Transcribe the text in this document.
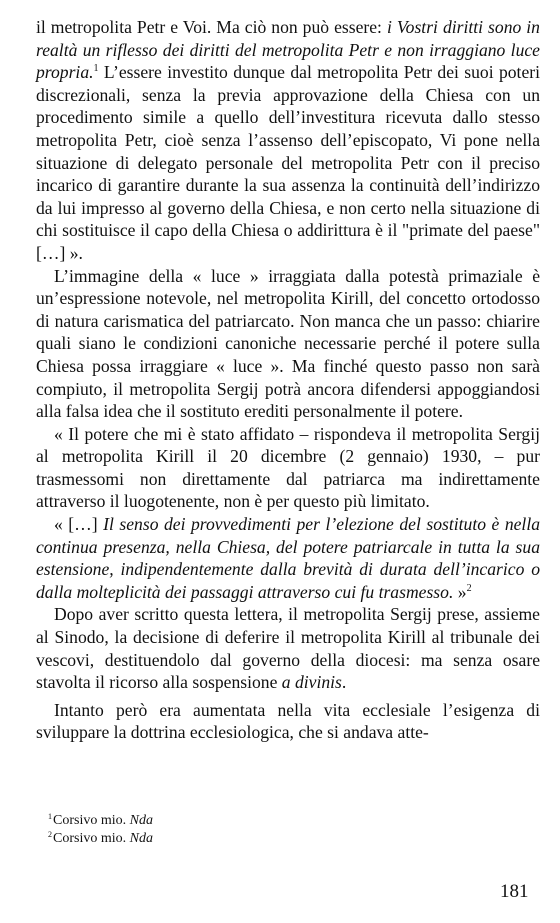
il metropolita Petr e Voi. Ma ciò non può essere: i Vostri diritti sono in realtà un riflesso dei diritti del metropolita Petr e non irraggiano luce propria.$^1$ L’essere investito dunque dal metropolita Petr dei suoi poteri discrezionali, senza la previa approvazione della Chiesa con un procedimento simile a quello dell’investitura ricevuta dallo stesso metropolita Petr, cioè senza l’assenso dell’episcopato, Vi pone nella situazione di delegato personale del metropolita Petr con il preciso incarico di garantire durante la sua assenza la continuità dell’indirizzo da lui impresso al governo della Chiesa, e non certo nella situazione di chi sostituisce il capo della Chiesa o addirittura è il "primate del paese" […] ».

L’immagine della « luce » irraggiata dalla potestà primaziale è un’espressione notevole, nel metropolita Kirill, del concetto ortodosso di natura carismatica del patriarcato. Non manca che un passo: chiarire quali siano le condizioni canoniche necessarie perché il potere sulla Chiesa possa irraggiare « luce ». Ma finché questo passo non sarà compiuto, il metropolita Sergij potrà ancora difendersi appoggiandosi alla falsa idea che il sostituto erediti personalmente il potere.

« Il potere che mi è stato affidato – rispondeva il metropolita Sergij al metropolita Kirill il 20 dicembre (2 gennaio) 1930, – pur trasmessomi non direttamente dal patriarca ma indirettamente attraverso il luogotenente, non è per questo più limitato.

« […] Il senso dei provvedimenti per l’elezione del sostituto è nella continua presenza, nella Chiesa, del potere patriarcale in tutta la sua estensione, indipendentemente dalla brevità di durata dell’incarico o dalla molteplicità dei passaggi attraverso cui fu trasmesso. »$^2$

Dopo aver scritto questa lettera, il metropolita Sergij prese, assieme al Sinodo, la decisione di deferire il metropolita Kirill al tribunale dei vescovi, destituendolo dal governo della diocesi: ma senza osare stavolta il ricorso alla sospensione a divinis.

Intanto però era aumentata nella vita ecclesiale l’esigenza di sviluppare la dottrina ecclesiologica, che si andava atte-

$^1$Corsivo mio. Nda
$^2$Corsivo mio. Nda
181
